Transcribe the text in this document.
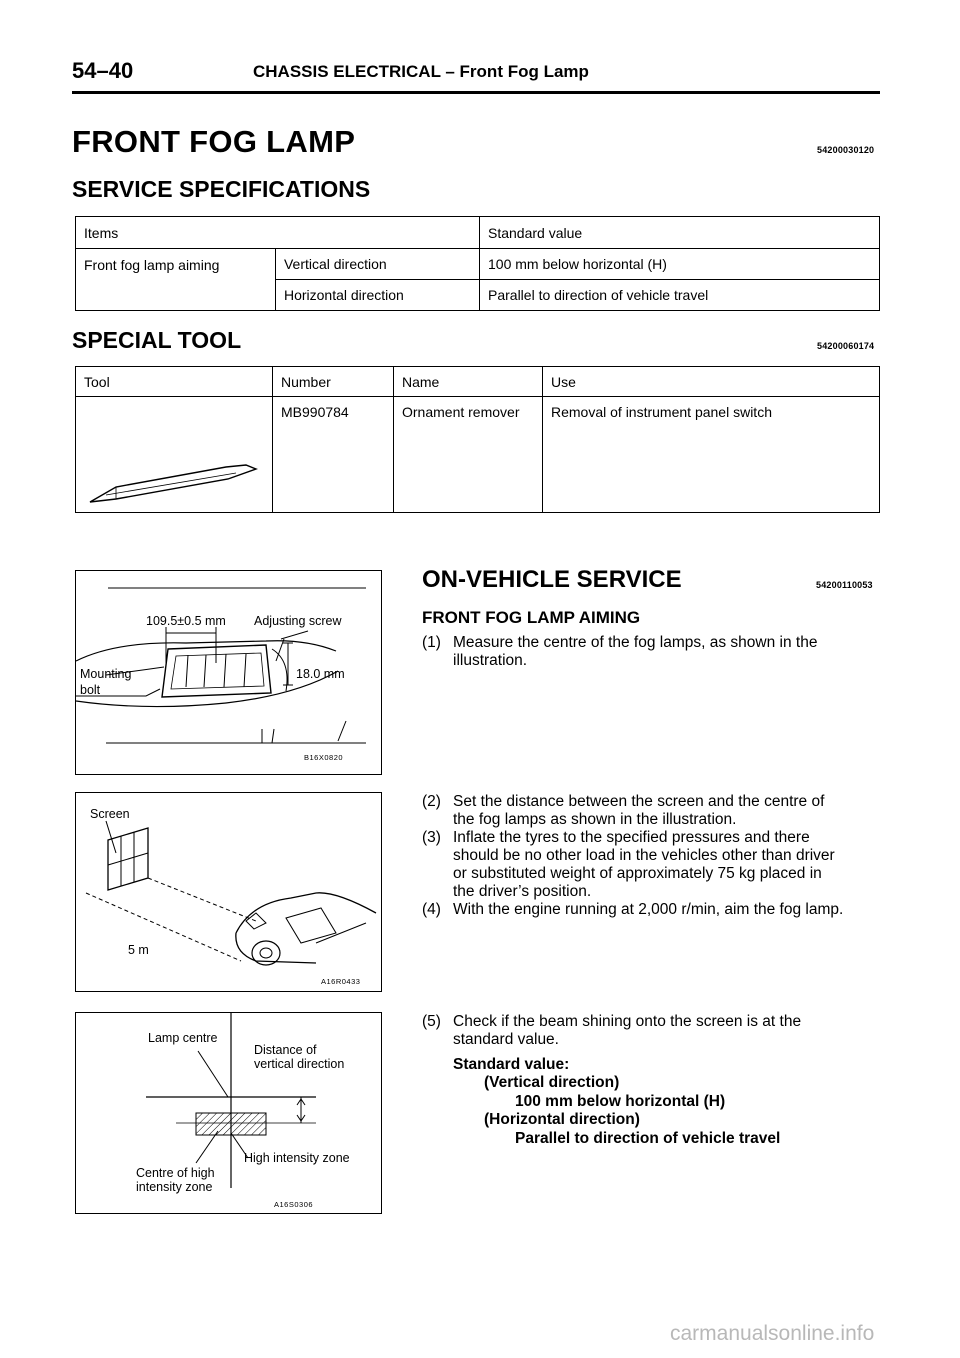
54–40	CHASSIS ELECTRICAL – Front Fog Lamp
FRONT FOG LAMP	54200030120
SERVICE SPECIFICATIONS
Items		Standard value
Front fog lamp aiming	Vertical direction	100 mm below horizontal (H)
	Horizontal direction	Parallel to direction of vehicle travel
SPECIAL TOOL	54200060174
Tool	Number	Name	Use
	MB990784	Ornament remover	Removal of instrument panel switch
109.5±0.5 mm Adjusting screw
Mounting
bolt
18.0 mm
B16X0820
Screen
5 m
A16R0433
Lamp centre
Distance of
vertical direction
High intensity zone
Centre of high
intensity zone
A16S0306
ON-VEHICLE SERVICE	54200110053
FRONT FOG LAMP AIMING
(1) Measure the centre of the fog lamps, as shown in the
illustration.
(2) Set the distance between the screen and the centre of
the fog lamps as shown in the illustration.
(3) Inflate the tyres to the specified pressures and there
should be no other load in the vehicles other than driver
or substituted weight of approximately 75 kg placed in
the driver’s position.
(4) With the engine running at 2,000 r/min, aim the fog lamp.
(5) Check if the beam shining onto the screen is at the
standard value.
Standard value:
(Vertical direction)
100 mm below horizontal (H)
(Horizontal direction)
Parallel to direction of vehicle travel
carmanualsonline.info
